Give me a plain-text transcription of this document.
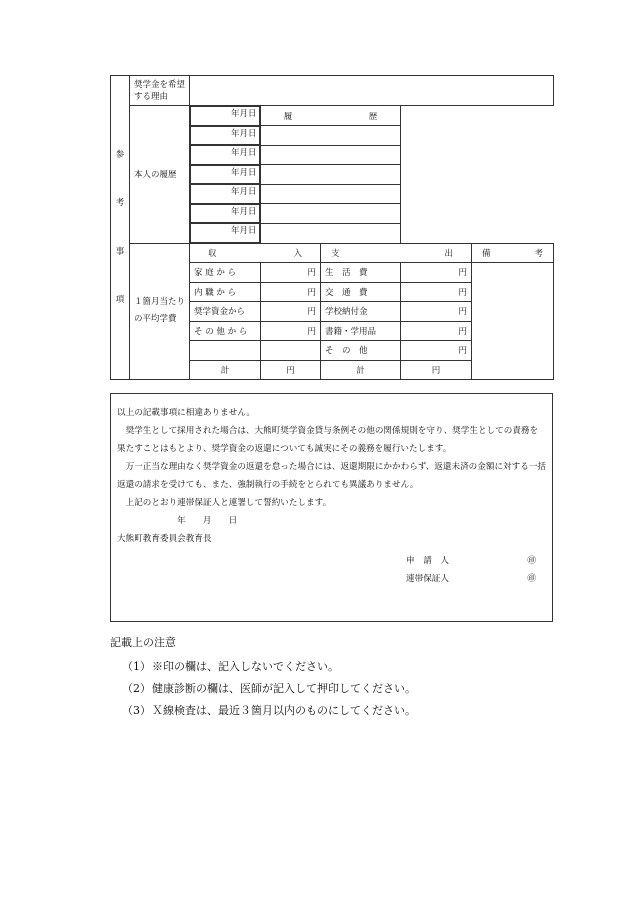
参
考
事
項	奨学金を希望する理由					
	本人の履歴	
年 月 日	履　　　　　　　　　歴			

年 月 日

年 月 日

年 月 日

年 月 日

年 月 日

年 月 日

	１箇月当たりの平均学費	収 入		支 出		備 考

		家 庭 か ら	円	生　活　費	円	
		内 職 か ら	円	交　通　費	円	
		奨学資金から	円	学校納付金	円	
		そ の 他 か ら	円	書籍・学用品	円	
				そ　の　他	円	
		計	円	計	円	

以上の記載事項に相違ありません。

奨学生として採用された場合は、大熊町奨学資金貸与条例その他の関係規則を守り、奨学生としての責務を果たすことはもとより、奨学資金の返還についても誠実にその義務を履行いたします。

万一正当な理由なく奨学資金の返還を怠った場合には、返還期限にかかわらず、返還未済の金額に対する一括返還の請求を受けても、また、強制執行の手続をとられても異議ありません。

上記のとおり連帯保証人と連署して誓約いたします。

年　　月　　日

大熊町教育委員会教育長

申　請　人	㊞
連帯保証人	㊞
記載上の注意
（1）※印の欄は、記入しないでください。
（2）健康診断の欄は、医師が記入して押印してください。
（3）Ｘ線検査は、最近３箇月以内のものにしてください。
